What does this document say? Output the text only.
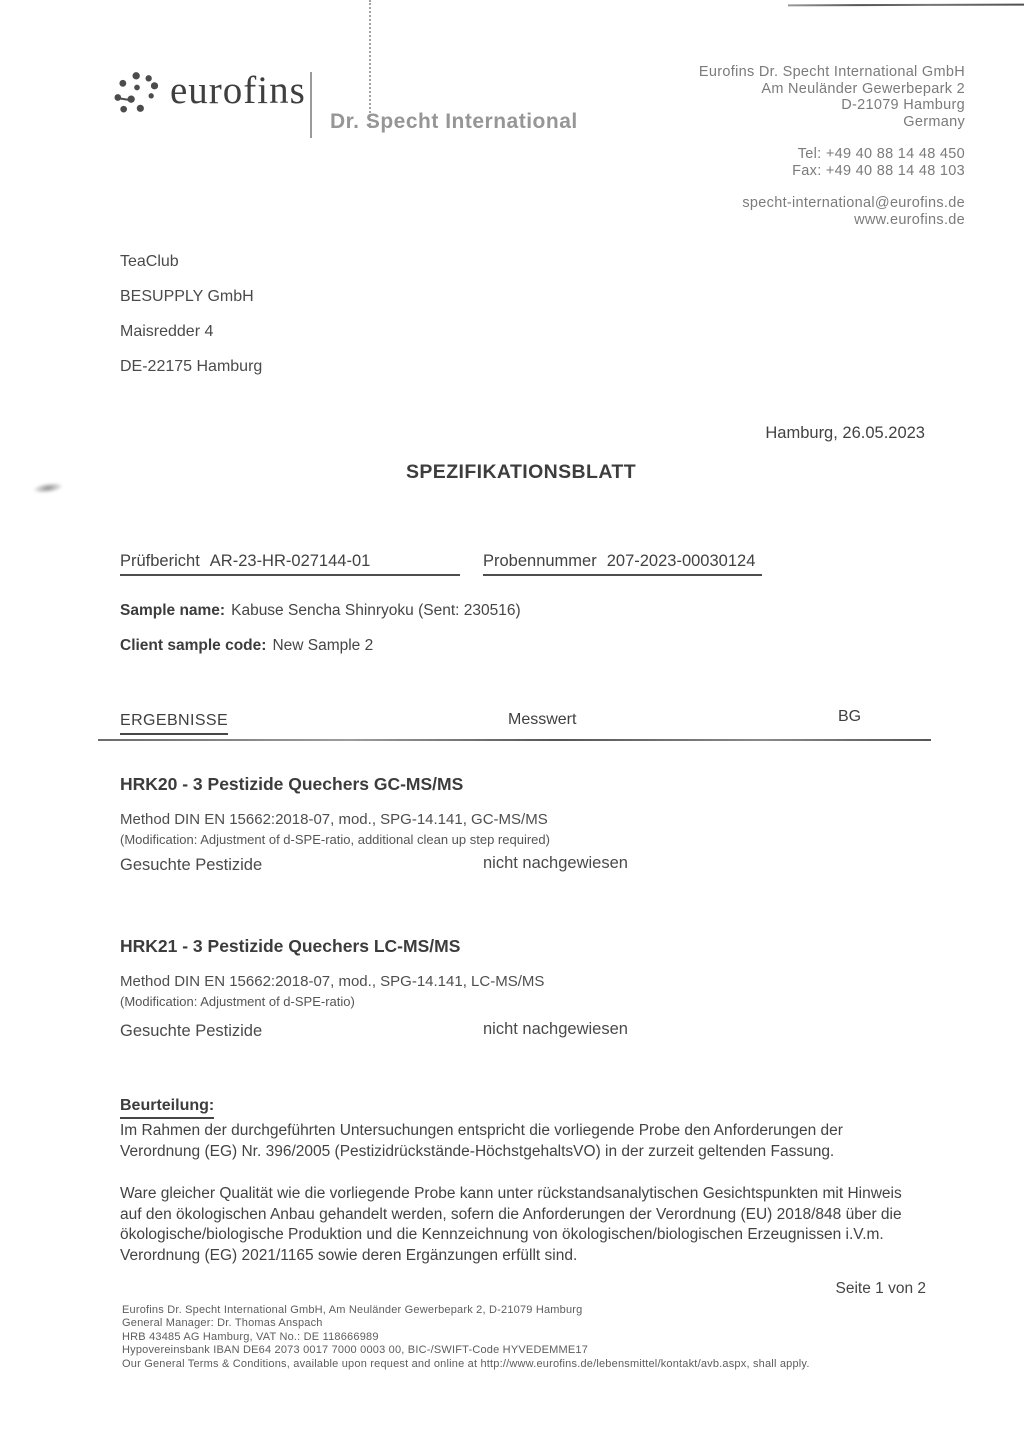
eurofins
Dr. Specht International
Eurofins Dr. Specht International GmbH
Am Neuländer Gewerbepark 2
D-21079 Hamburg
Germany
Tel: +49 40 88 14 48 450
Fax: +49 40 88 14 48 103
specht-international@eurofins.de
www.eurofins.de
TeaClub
BESUPPLY GmbH
Maisredder 4
DE-22175 Hamburg
Hamburg, 26.05.2023
SPEZIFIKATIONSBLATT
Prüfbericht AR-23-HR-027144-01	Probennummer 207-2023-00030124
Sample name: Kabuse Sencha Shinryoku (Sent: 230516)
Client sample code: New Sample 2
ERGEBNISSE	Messwert	BG
HRK20 - 3 Pestizide Quechers GC-MS/MS
Method DIN EN 15662:2018-07, mod., SPG-14.141, GC-MS/MS
(Modification: Adjustment of d-SPE-ratio, additional clean up step required)
Gesuchte Pestizide	nicht nachgewiesen
HRK21 - 3 Pestizide Quechers LC-MS/MS
Method DIN EN 15662:2018-07, mod., SPG-14.141, LC-MS/MS
(Modification: Adjustment of d-SPE-ratio)
Gesuchte Pestizide	nicht nachgewiesen
Beurteilung:
Im Rahmen der durchgeführten Untersuchungen entspricht die vorliegende Probe den Anforderungen der Verordnung (EG) Nr. 396/2005 (Pestizidrückstände-HöchstgehaltsVO) in der zurzeit geltenden Fassung.
Ware gleicher Qualität wie die vorliegende Probe kann unter rückstandsanalytischen Gesichtspunkten mit Hinweis auf den ökologischen Anbau gehandelt werden, sofern die Anforderungen der Verordnung (EU) 2018/848 über die ökologische/biologische Produktion und die Kennzeichnung von ökologischen/biologischen Erzeugnissen i.V.m. Verordnung (EG) 2021/1165 sowie deren Ergänzungen erfüllt sind.
Seite 1 von 2
Eurofins Dr. Specht International GmbH, Am Neuländer Gewerbepark 2, D-21079 Hamburg
General Manager: Dr. Thomas Anspach
HRB 43485 AG Hamburg, VAT No.: DE 118666989
Hypovereinsbank IBAN DE64 2073 0017 7000 0003 00, BIC-/SWIFT-Code HYVEDEMME17
Our General Terms & Conditions, available upon request and online at http://www.eurofins.de/lebensmittel/kontakt/avb.aspx, shall apply.
